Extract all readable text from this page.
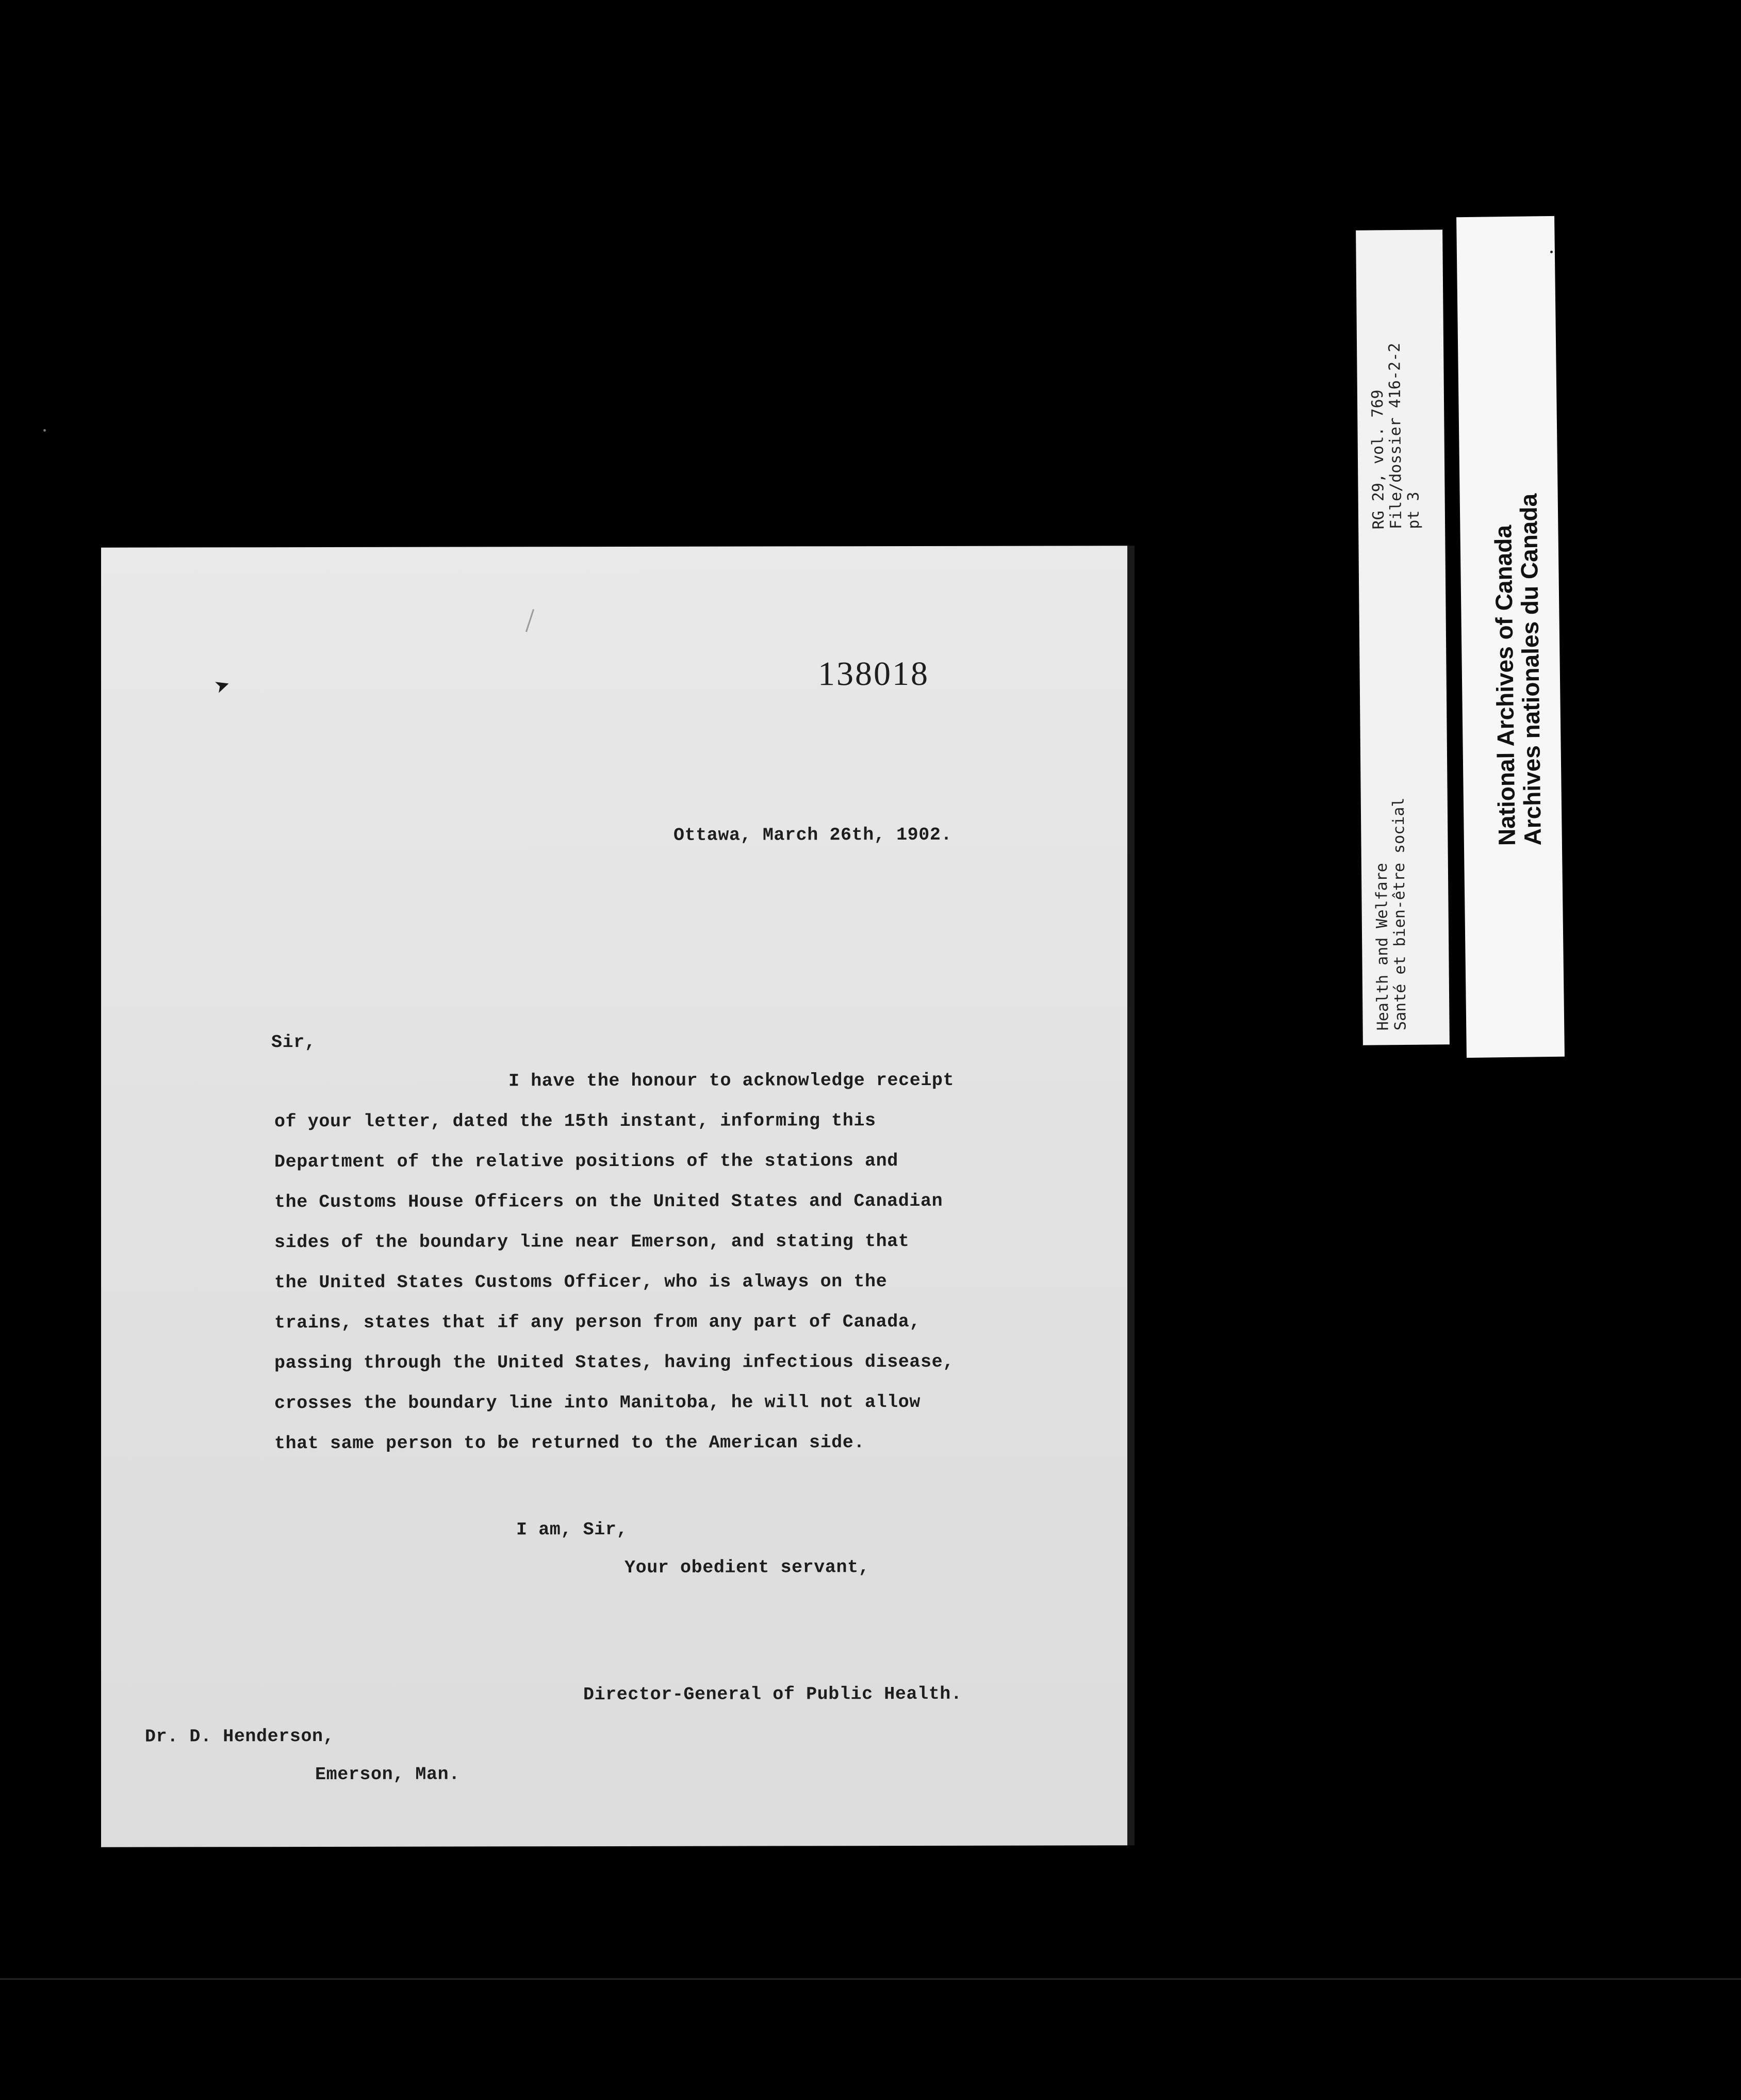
➤	138018
Ottawa, March 26th, 1902.
Sir,
I have the honour to acknowledge receipt
of your letter, dated the 15th instant, informing this
Department of the relative positions of the stations and
the Customs House Officers on the United States and Canadian
sides of the boundary line near Emerson, and stating that
the United States Customs Officer, who is always on the
trains, states that if any person from any part of Canada,
passing through the United States, having infectious disease,
crosses the boundary line into Manitoba, he will not allow
that same person to be returned to the American side.
I am, Sir,
Your obedient servant,
Director-General of Public Health.
Dr. D. Henderson,
Emerson, Man.
RG 29, vol. 769
File/dossier 416-2-2
pt 3
Health and Welfare
Santé et bien-être social
National Archives of Canada
Archives nationales du Canada
